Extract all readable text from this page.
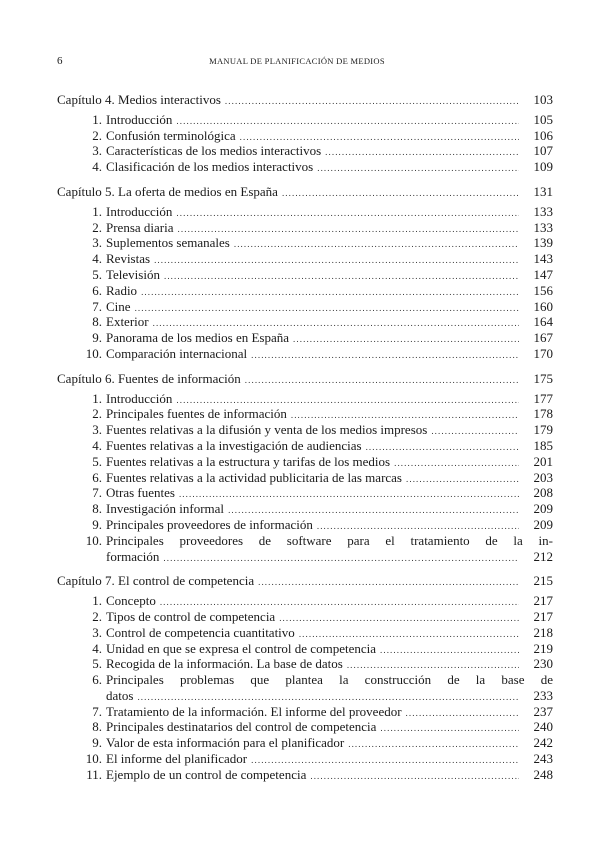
6	MANUAL DE PLANIFICACIÓN DE MEDIOS
Capítulo 4. Medios interactivos .....	103
1. Introducción .....	105
2. Confusión terminológica .....	106
3. Características de los medios interactivos .....	107
4. Clasificación de los medios interactivos .....	109
Capítulo 5. La oferta de medios en España .....	131
1. Introducción .....	133
2. Prensa diaria .....	133
3. Suplementos semanales .....	139
4. Revistas .....	143
5. Televisión .....	147
6. Radio .....	156
7. Cine .....	160
8. Exterior .....	164
9. Panorama de los medios en España .....	167
10. Comparación internacional .....	170
Capítulo 6. Fuentes de información .....	175
1. Introducción .....	177
2. Principales fuentes de información .....	178
3. Fuentes relativas a la difusión y venta de los medios impresos .....	179
4. Fuentes relativas a la investigación de audiencias .....	185
5. Fuentes relativas a la estructura y tarifas de los medios .....	201
6. Fuentes relativas a la actividad publicitaria de las marcas .....	203
7. Otras fuentes .....	208
8. Investigación informal .....	209
9. Principales proveedores de información .....	209
10. Principales proveedores de software para el tratamiento de la in-
formación .....	212
Capítulo 7. El control de competencia .....	215
1. Concepto .....	217
2. Tipos de control de competencia .....	217
3. Control de competencia cuantitativo .....	218
4. Unidad en que se expresa el control de competencia .....	219
5. Recogida de la información. La base de datos .....	230
6. Principales problemas que plantea la construcción de la base de
datos .....	233
7. Tratamiento de la información. El informe del proveedor .....	237
8. Principales destinatarios del control de competencia .....	240
9. Valor de esta información para el planificador .....	242
10. El informe del planificador .....	243
11. Ejemplo de un control de competencia .....	248
